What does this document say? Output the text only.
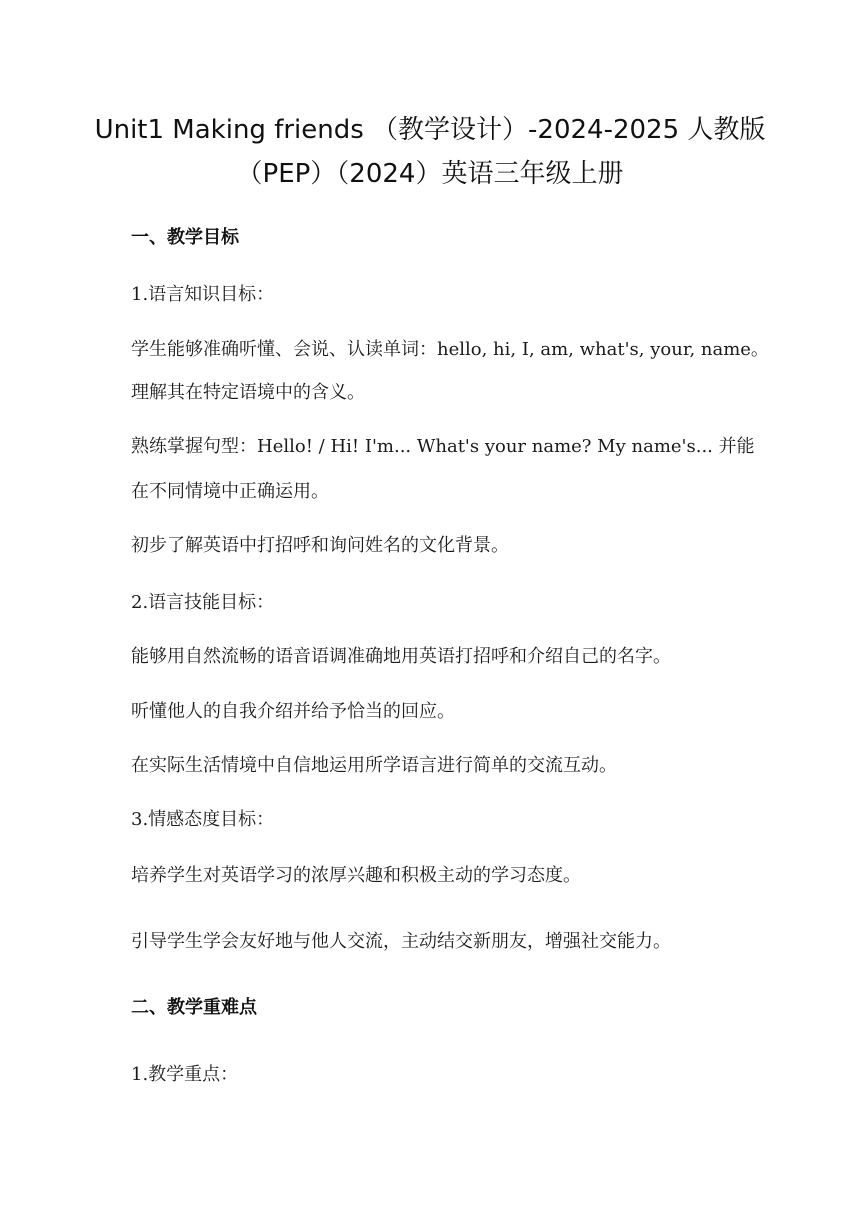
Unit1 Making friends （教学设计）-2024-2025 人教版
（PEP）（2024）英语三年级上册
一、教学目标
1.语言知识目标：
学生能够准确听懂、会说、认读单词：hello, hi, I, am, what's, your, name。
理解其在特定语境中的含义。
熟练掌握句型：Hello! / Hi! I'm... What's your name? My name's... 并能
在不同情境中正确运用。
初步了解英语中打招呼和询问姓名的文化背景。
2.语言技能目标：
能够用自然流畅的语音语调准确地用英语打招呼和介绍自己的名字。
听懂他人的自我介绍并给予恰当的回应。
在实际生活情境中自信地运用所学语言进行简单的交流互动。
3.情感态度目标：
培养学生对英语学习的浓厚兴趣和积极主动的学习态度。
引导学生学会友好地与他人交流，主动结交新朋友，增强社交能力。
二、教学重难点
1.教学重点：
